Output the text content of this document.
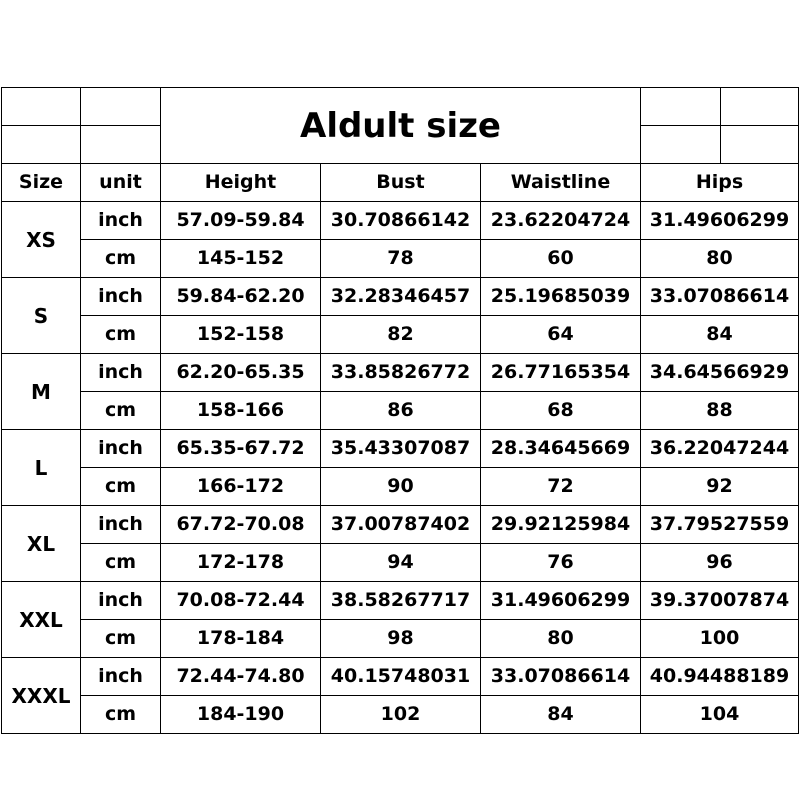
		Aldult size				

Size	unit	Height	Bust	Waistline	Hips	
XS	inch	57.09-59.84	30.70866142	23.62204724	31.49606299	
	cm	145-152	78	60	80	
S	inch	59.84-62.20	32.28346457	25.19685039	33.07086614	
	cm	152-158	82	64	84	
M	inch	62.20-65.35	33.85826772	26.77165354	34.64566929	
	cm	158-166	86	68	88	
L	inch	65.35-67.72	35.43307087	28.34645669	36.22047244	
	cm	166-172	90	72	92	
XL	inch	67.72-70.08	37.00787402	29.92125984	37.79527559	
	cm	172-178	94	76	96	
XXL	inch	70.08-72.44	38.58267717	31.49606299	39.37007874	
	cm	178-184	98	80	100	
XXXL	inch	72.44-74.80	40.15748031	33.07086614	40.94488189	
	cm	184-190	102	84	104	
